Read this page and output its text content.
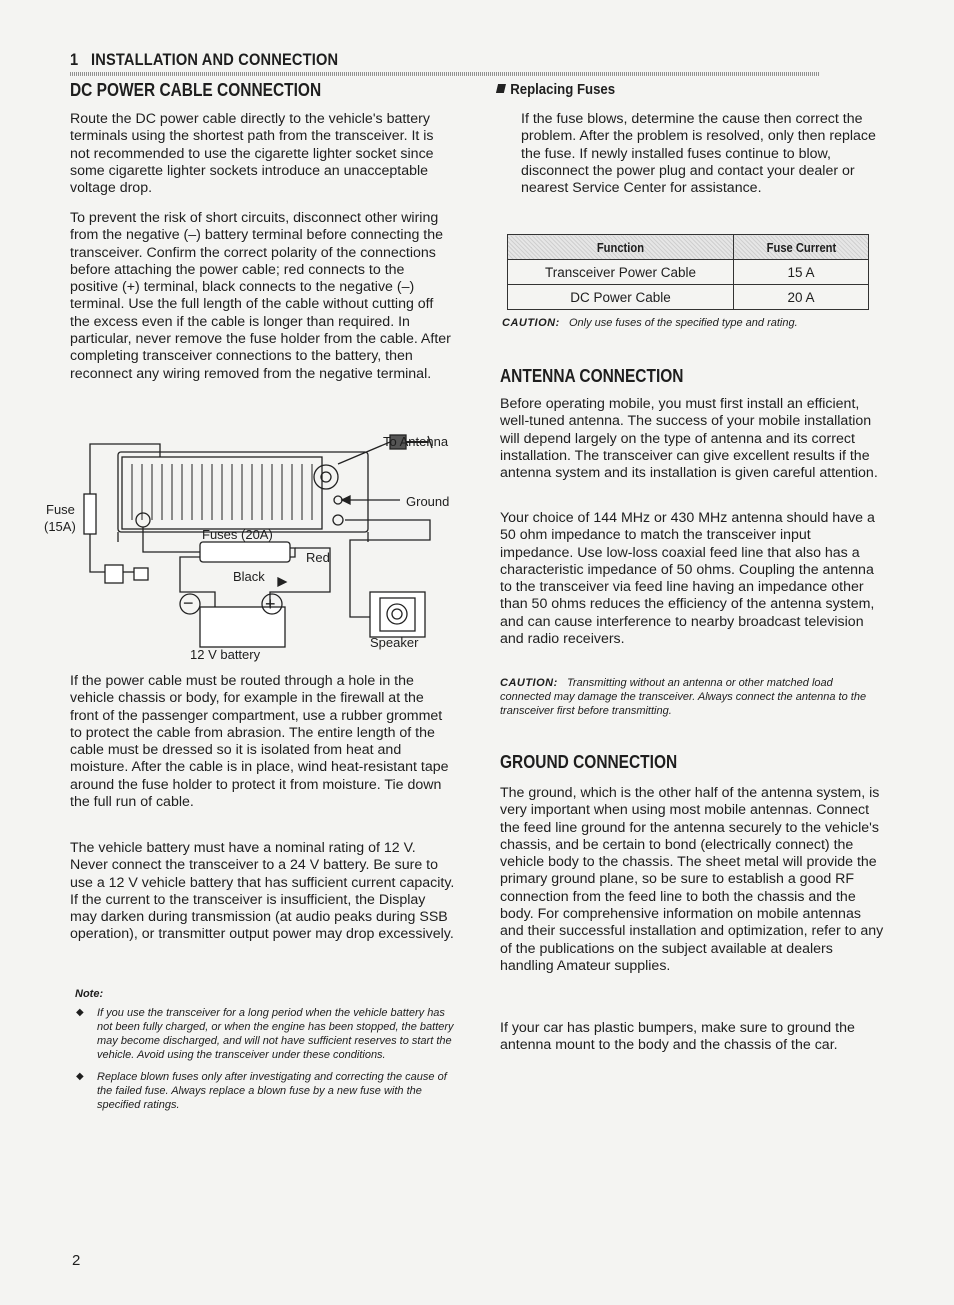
1 INSTALLATION AND CONNECTION
DC POWER CABLE CONNECTION

Route the DC power cable directly to the vehicle's battery terminals using the shortest path from the transceiver. It is not recommended to use the cigarette lighter socket since some cigarette lighter sockets introduce an unacceptable voltage drop.

To prevent the risk of short circuits, disconnect other wiring from the negative (–) battery terminal before connecting the transceiver. Confirm the correct polarity of the connections before attaching the power cable; red connects to the positive (+) terminal, black connects to the negative (–) terminal. Use the full length of the cable without cutting off the excess even if the cable is longer than required. In particular, never remove the fuse holder from the cable. After completing transceiver connections to the battery, then reconnect any wiring removed from the negative terminal.

To Antenna
Ground
Fuse
(15A)
Fuses (20A)
Red
Black
−	+
Speaker
12 V battery

If the power cable must be routed through a hole in the vehicle chassis or body, for example in the firewall at the front of the passenger compartment, use a rubber grommet to protect the cable from abrasion. The entire length of the cable must be dressed so it is isolated from heat and moisture. After the cable is in place, wind heat-resistant tape around the fuse holder to protect it from moisture. Tie down the full run of cable.

The vehicle battery must have a nominal rating of 12 V. Never connect the transceiver to a 24 V battery. Be sure to use a 12 V vehicle battery that has sufficient current capacity. If the current to the transceiver is insufficient, the Display may darken during transmission (at audio peaks during SSB operation), or transmitter output power may drop excessively.

Note:
◆ If you use the transceiver for a long period when the vehicle battery has not been fully charged, or when the engine has been stopped, the battery may become discharged, and will not have sufficient reserves to start the vehicle. Avoid using the transceiver under these conditions.
◆ Replace blown fuses only after investigating and correcting the cause of the failed fuse. Always replace a blown fuse by a new fuse with the specified ratings.
Replacing Fuses

If the fuse blows, determine the cause then correct the problem. After the problem is resolved, only then replace the fuse. If newly installed fuses continue to blow, disconnect the power plug and contact your dealer or nearest Service Center for assistance.

Function	Fuse Current
Transceiver Power Cable	15 A
DC Power Cable	20 A
CAUTION: Only use fuses of the specified type and rating.
ANTENNA CONNECTION

Before operating mobile, you must first install an efficient, well-tuned antenna. The success of your mobile installation will depend largely on the type of antenna and its correct installation. The transceiver can give excellent results if the antenna system and its installation is given careful attention.

Your choice of 144 MHz or 430 MHz antenna should have a 50 ohm impedance to match the transceiver input impedance. Use low-loss coaxial feed line that also has a characteristic impedance of 50 ohms. Coupling the antenna to the transceiver via feed line having an impedance other than 50 ohms reduces the efficiency of the antenna system, and can cause interference to nearby broadcast television and radio receivers.

CAUTION: Transmitting without an antenna or other matched load connected may damage the transceiver. Always connect the antenna to the transceiver first before transmitting.
GROUND CONNECTION

The ground, which is the other half of the antenna system, is very important when using most mobile antennas. Connect the feed line ground for the antenna securely to the vehicle's chassis, and be certain to bond (electrically connect) the vehicle body to the chassis. The sheet metal will provide the primary ground plane, so be sure to establish a good RF connection from the feed line to both the chassis and the body. For comprehensive information on mobile antennas and their successful installation and optimization, refer to any of the publications on the subject available at dealers handling Amateur supplies.

If your car has plastic bumpers, make sure to ground the antenna mount to the body and the chassis of the car.

2
